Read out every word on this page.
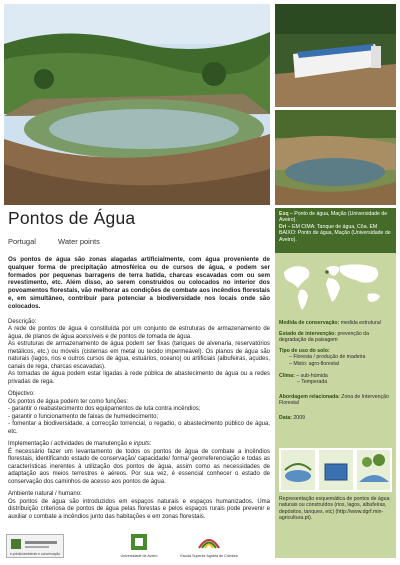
Pontos de Água
Portugal	Water points

Os pontos de água são zonas alagadas artificialmente, com água proveniente de qualquer forma de precipitação atmosférica ou de cursos de água, e podem ser formados por pequenas barragens de terra batida, charcas escavadas com ou sem revestimento, etc. Além disso, ao serem construídos ou colocados no interior dos povoamentos florestais, vão melhorar as condições de combate aos incêndios florestais e, em simultâneo, contribuir para potenciar a biodiversidade nos locais onde são colocados.

Descrição:

A rede de pontos de água é constituída por um conjunto de estruturas de armazenamento de água, de planos de água acessíveis e de pontos de tomada de água.

As estruturas de armazenamento de água podem ser fixas (tanques de alvenaria, reservatórios metálicos, etc.) ou móveis (cisternas em metal ou tecido impermeável). Os planos de água são naturais (lagos, rios e outros cursos de água, estuários, oceano) ou artificiais (albufeiras, açudes, canais de rega, charcas escavadas).

As tomadas de água podem estar ligadas à rede pública de abastecimento de água ou a redes privadas de rega.

Objectivo:

Os pontos de água podem ter como funções:

- garantir o reabastecimento dos equipamentos de luta contra incêndios;

- garantir o funcionamento de faixas de humedecimento;

- fomentar a biodiversidade, a correcção torrencial, o regadio, o abastecimento público de água, etc.

Implementação / actividades de manutenção e inputs:

É necessário fazer um levantamento de todos os pontos de água de combate a incêndios florestais, identificando estado de conservação/ capacidade/ forma/ georreferenciação e todas as características inerentes à utilização dos pontos de água, assim como as necessidades de adaptação aos meios terrestres e aéreos. Por sua vez, é essencial conhecer o estado de conservação dos caminhos de acesso aos pontos de água.

Ambiente natural / humano:

Os pontos de água são introduzidos em espaços naturais e espaços humanizados. Uma distribuição criteriosa de pontos de água pelas florestas e pelos espaços rurais pode prevenir e auxiliar o combate a incêndios junto das habitações e em zonas florestais.

Esq – Ponto de água, Mação (Universidade de Aveiro).
Dri – EM CIMA: Tanque de água, Côa. EM BAIXO: Ponto de água, Mação (Universidade de Aveiro).
Medida de conservação: medida estrutural
Estado de intervenção: prevenção da degradação da paisagem
Tipo de uso do solo:
– Floresta / produção de madeira
– Misto: agro-florestal
Clima: – sub-húmida
– Temperada
Abordagem relacionada: Zona de Intervenção Florestal
Data: 2009
Representação esquemática de pontos de água naturais ou construídos (rios, lagos, albufeiras, depósitos, tanques, etc) (http://www.dgrf.min-agricultura.pt).
e-prédio/ambiente e conservação	Universidade de Aveiro	Escola Superior Agrária de Coimbra
